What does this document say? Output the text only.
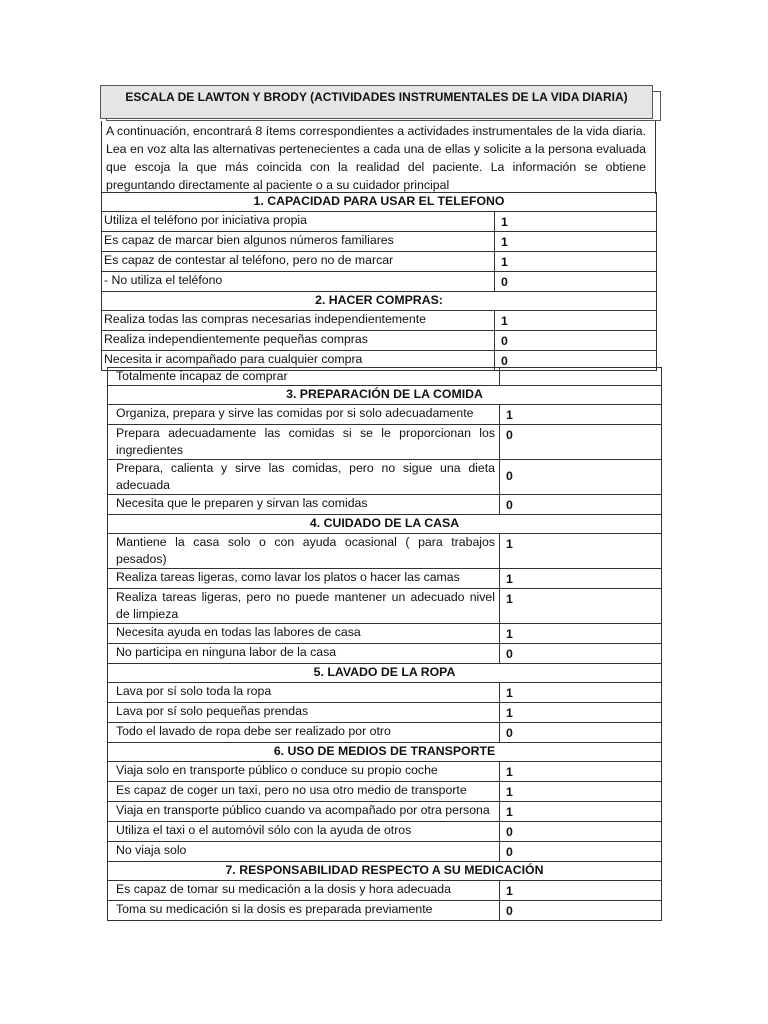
ESCALA DE LAWTON Y BRODY (ACTIVIDADES INSTRUMENTALES DE LA VIDA DIARIA)
A continuación, encontrará 8 ítems correspondientes a actividades instrumentales de la vida diaria. Lea en voz alta las alternativas pertenecientes a cada una de ellas y solicite a la persona evaluada que escoja la que más coincida con la realidad del paciente. La información se obtiene preguntando directamente al paciente o a su cuidador principal
1. CAPACIDAD PARA USAR EL TELEFONO	
Utiliza el teléfono por iniciativa propia	1
Es capaz de marcar bien algunos números familiares	1
Es capaz de contestar al teléfono, pero no de marcar	1
- No utiliza el teléfono	0
2. HACER COMPRAS:	
Realiza todas las compras necesarias independientemente	1
Realiza independientemente pequeñas compras	0
Necesita ir acompañado para cualquier compra	0
Totalmente incapaz de comprar	
3. PREPARACIÓN DE LA COMIDA	
Organiza, prepara y sirve las comidas por si solo adecuadamente	1
Prepara adecuadamente las comidas si se le proporcionan los ingredientes	0
Prepara, calienta y sirve las comidas, pero no sigue una dieta adecuada	0
Necesita que le preparen y sirvan las comidas	0
4. CUIDADO DE LA CASA	
Mantiene la casa solo o con ayuda ocasional ( para trabajos pesados)	1
Realiza tareas ligeras, como lavar los platos o hacer las camas	1
Realiza tareas ligeras, pero no puede mantener un adecuado nivel de limpieza	1
Necesita ayuda en todas las labores de casa	1
No participa en ninguna labor de la casa	0
5. LAVADO DE LA ROPA	
Lava por sí solo toda la ropa	1
Lava por sí solo pequeñas prendas	1
Todo el lavado de ropa debe ser realizado por otro	0
6. USO DE MEDIOS DE TRANSPORTE	
Viaja solo en transporte público o conduce su propio coche	1
Es capaz de coger un taxi, pero no usa otro medio de transporte	1
Viaja en transporte público cuando va acompañado por otra persona	1
Utiliza el taxi o el automóvil sólo con la ayuda de otros	0
No viaja solo	0
7. RESPONSABILIDAD RESPECTO A SU MEDICACIÓN	
Es capaz de tomar su medicación a la dosis y hora adecuada	1
Toma su medicación si la dosis es preparada previamente	0
